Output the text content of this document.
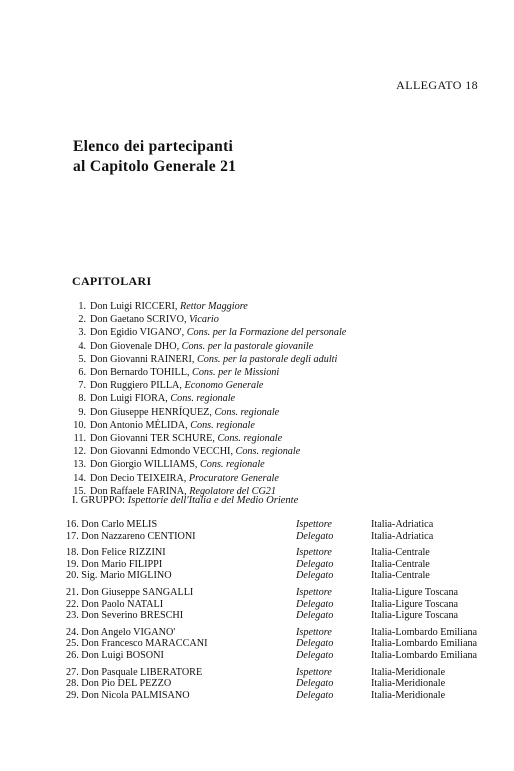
ALLEGATO 18
Elenco dei partecipanti
al Capitolo Generale 21
CAPITOLARI
1. Don Luigi RICCERI, Rettor Maggiore
2. Don Gaetano SCRIVO, Vicario
3. Don Egidio VIGANO', Cons. per la Formazione del personale
4. Don Giovenale DHO, Cons. per la pastorale giovanile
5. Don Giovanni RAINERI, Cons. per la pastorale degli adulti
6. Don Bernardo TOHILL, Cons. per le Missioni
7. Don Ruggiero PILLA, Economo Generale
8. Don Luigi FIORA, Cons. regionale
9. Don Giuseppe HENRÍQUEZ, Cons. regionale
10. Don Antonio MÉLIDA, Cons. regionale
11. Don Giovanni TER SCHURE, Cons. regionale
12. Don Giovanni Edmondo VECCHI, Cons. regionale
13. Don Giorgio WILLIAMS, Cons. regionale
14. Don Decio TEIXEIRA, Procuratore Generale
15. Don Raffaele FARINA, Regolatore del CG21
I. GRUPPO: Ispettorie dell'Italia e del Medio Oriente
16. Don Carlo MELIS	Ispettore	Italia-Adriatica
17. Don Nazzareno CENTIONI	Delegato	Italia-Adriatica
18. Don Felice RIZZINI	Ispettore	Italia-Centrale
19. Don Mario FILIPPI	Delegato	Italia-Centrale
20. Sig. Mario MIGLINO	Delegato	Italia-Centrale
21. Don Giuseppe SANGALLI	Ispettore	Italia-Ligure Toscana
22. Don Paolo NATALI	Delegato	Italia-Ligure Toscana
23. Don Severino BRESCHI	Delegato	Italia-Ligure Toscana
24. Don Angelo VIGANO'	Ispettore	Italia-Lombardo Emiliana
25. Don Francesco MARACCANI	Delegato	Italia-Lombardo Emiliana
26. Don Luigi BOSONI	Delegato	Italia-Lombardo Emiliana
27. Don Pasquale LIBERATORE	Ispettore	Italia-Meridionale
28. Don Pio DEL PEZZO	Delegato	Italia-Meridionale
29. Don Nicola PALMISANO	Delegato	Italia-Meridionale
